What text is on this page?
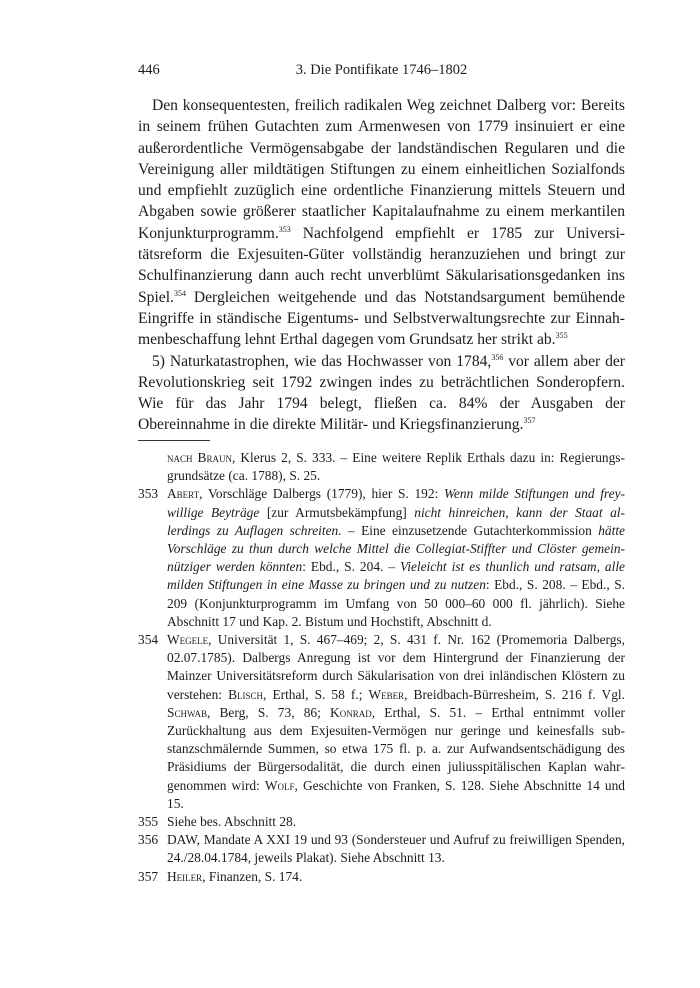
446	3. Die Pontifikate 1746–1802

Den konsequentesten, freilich radikalen Weg zeichnet Dalberg vor: Bereits in seinem frühen Gutachten zum Armenwesen von 1779 insinuiert er eine außerordentliche Vermögensabgabe der landständischen Regularen und die Vereinigung aller mildtätigen Stiftungen zu einem einheitlichen Sozialfonds und empfiehlt zuzüglich eine ordentliche Finanzierung mittels Steuern und Abgaben sowie größerer staatlicher Kapitalaufnahme zu einem merkantilen Konjunkturprogramm.$^{353}$ Nachfolgend empfiehlt er 1785 zur Universitätsreform die Exjesuiten-Güter vollständig heranzuziehen und bringt zur Schulfinanzierung dann auch recht unverblümt Säkularisationsgedanken ins Spiel.$^{354}$ Dergleichen weitgehende und das Notstandsargument bemühende Eingriffe in ständische Eigentums- und Selbstverwaltungsrechte zur Einnahmenbeschaffung lehnt Erthal dagegen vom Grundsatz her strikt ab.$^{355}$

5) Naturkatastrophen, wie das Hochwasser von 1784,$^{356}$ vor allem aber der Revolutionskrieg seit 1792 zwingen indes zu beträchtlichen Sonderopfern. Wie für das Jahr 1794 belegt, fließen ca. 84% der Ausgaben der Obereinnahme in die direkte Militär- und Kriegsfinanzierung.$^{357}$

nach Braun, Klerus 2, S. 333. – Eine weitere Replik Erthals dazu in: Regierungsgrundsätze (ca. 1788), S. 25.
353 Abert, Vorschläge Dalbergs (1779), hier S. 192: Wenn milde Stiftungen und freywillige Beyträge [zur Armutsbekämpfung] nicht hinreichen, kann der Staat allerdings zu Auflagen schreiten. – Eine einzusetzende Gutachterkommission hätte Vorschläge zu thun durch welche Mittel die Collegiat-Stiffter und Clöster gemeinnütziger werden könnten: Ebd., S. 204. – Vieleicht ist es thunlich und ratsam, alle milden Stiftungen in eine Masse zu bringen und zu nutzen: Ebd., S. 208. – Ebd., S. 209 (Konjunkturprogramm im Umfang von 50 000–60 000 fl. jährlich). Siehe Abschnitt 17 und Kap. 2. Bistum und Hochstift, Abschnitt d.
354 Wegele, Universität 1, S. 467–469; 2, S. 431 f. Nr. 162 (Promemoria Dalbergs, 02.07.1785). Dalbergs Anregung ist vor dem Hintergrund der Finanzierung der Mainzer Universitätsreform durch Säkularisation von drei inländischen Klöstern zu verstehen: Blisch, Erthal, S. 58 f.; Weber, Breidbach-Bürresheim, S. 216 f. Vgl. Schwab, Berg, S. 73, 86; Konrad, Erthal, S. 51. – Erthal entnimmt voller Zurückhaltung aus dem Exjesuiten-Vermögen nur geringe und keinesfalls substanzschmälernde Summen, so etwa 175 fl. p. a. zur Aufwandsentschädigung des Präsidiums der Bürgersodalität, die durch einen juliusspitälischen Kaplan wahrgenommen wird: Wolf, Geschichte von Franken, S. 128. Siehe Abschnitte 14 und 15.
355 Siehe bes. Abschnitt 28.
356 DAW, Mandate A XXI 19 und 93 (Sondersteuer und Aufruf zu freiwilligen Spenden, 24./28.04.1784, jeweils Plakat). Siehe Abschnitt 13.
357 Heiler, Finanzen, S. 174.
